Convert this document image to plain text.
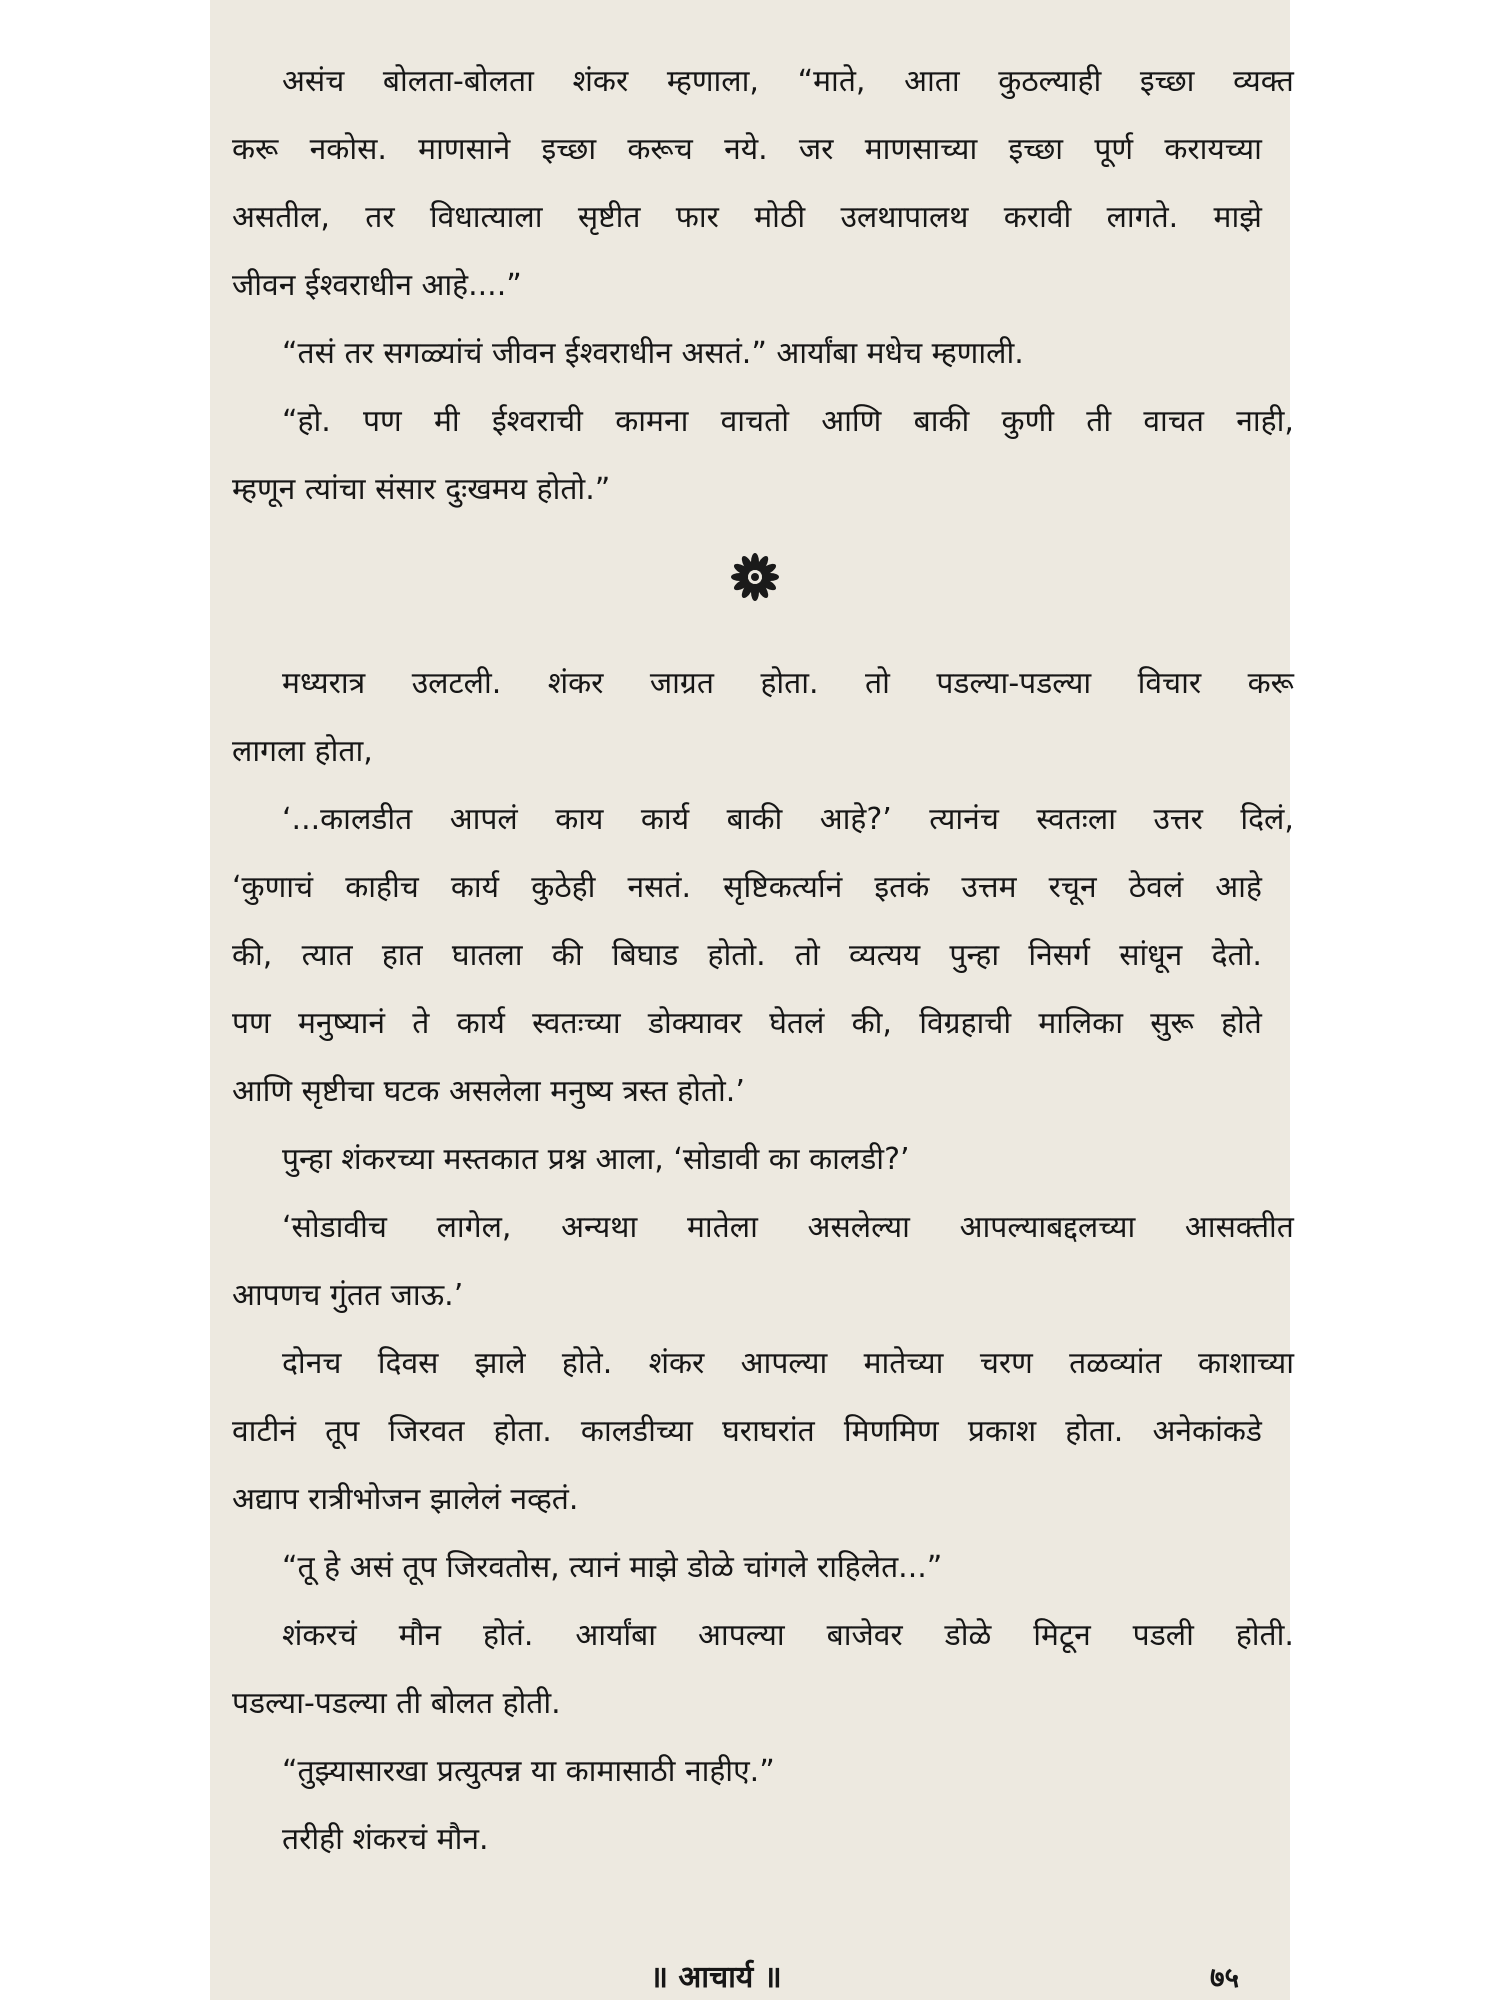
असंच बोलता-बोलता शंकर म्हणाला, “माते, आता कुठल्याही इच्छा व्यक्त
करू नकोस. माणसाने इच्छा करूच नये. जर माणसाच्या इच्छा पूर्ण करायच्या
असतील, तर विधात्याला सृष्टीत फार मोठी उलथापालथ करावी लागते. माझे
जीवन ईश्वराधीन आहे....”
“तसं तर सगळ्यांचं जीवन ईश्वराधीन असतं.” आर्यांबा मधेच म्हणाली.
“हो. पण मी ईश्वराची कामना वाचतो आणि बाकी कुणी ती वाचत नाही,
म्हणून त्यांचा संसार दुःखमय होतो.”
मध्यरात्र उलटली. शंकर जाग्रत होता. तो पडल्या-पडल्या विचार करू
लागला होता,
‘...कालडीत आपलं काय कार्य बाकी आहे?’ त्यानंच स्वतःला उत्तर दिलं,
‘कुणाचं काहीच कार्य कुठेही नसतं. सृष्टिकर्त्यानं इतकं उत्तम रचून ठेवलं आहे
की, त्यात हात घातला की बिघाड होतो. तो व्यत्यय पुन्हा निसर्ग सांधून देतो.
पण मनुष्यानं ते कार्य स्वतःच्या डोक्यावर घेतलं की, विग्रहाची मालिका सुरू होते
आणि सृष्टीचा घटक असलेला मनुष्य त्रस्त होतो.’
पुन्हा शंकरच्या मस्तकात प्रश्न आला, ‘सोडावी का कालडी?’
‘सोडावीच लागेल, अन्यथा मातेला असलेल्या आपल्याबद्दलच्या आसक्तीत
आपणच गुंतत जाऊ.’
दोनच दिवस झाले होते. शंकर आपल्या मातेच्या चरण तळव्यांत काशाच्या
वाटीनं तूप जिरवत होता. कालडीच्या घराघरांत मिणमिण प्रकाश होता. अनेकांकडे
अद्याप रात्रीभोजन झालेलं नव्हतं.
“तू हे असं तूप जिरवतोस, त्यानं माझे डोळे चांगले राहिलेत...”
शंकरचं मौन होतं. आर्यांबा आपल्या बाजेवर डोळे मिटून पडली होती.
पडल्या-पडल्या ती बोलत होती.
“तुझ्यासारखा प्रत्युत्पन्न या कामासाठी नाहीए.”
तरीही शंकरचं मौन.
॥ आचार्य ॥	७५
